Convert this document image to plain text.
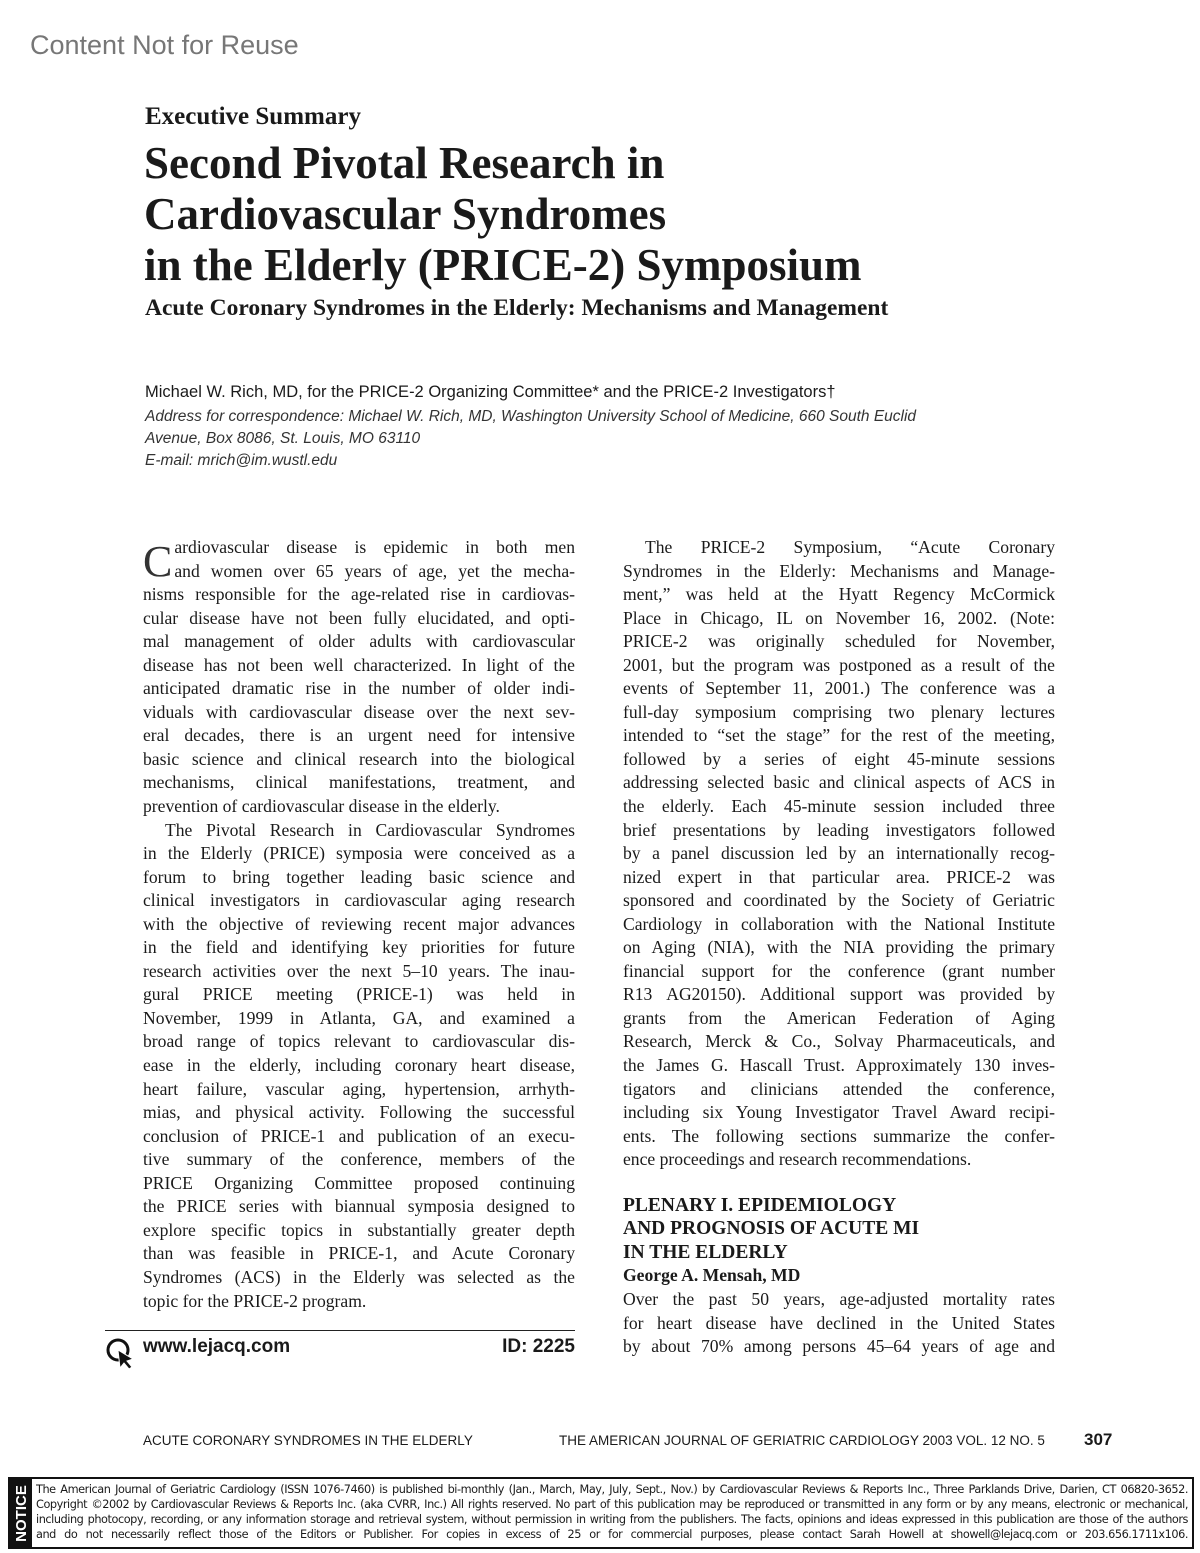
Content Not for Reuse
Executive Summary
Second Pivotal Research in
Cardiovascular Syndromes
in the Elderly (PRICE-2) Symposium
Acute Coronary Syndromes in the Elderly: Mechanisms and Management
Michael W. Rich, MD, for the PRICE-2 Organizing Committee* and the PRICE-2 Investigators†
Address for correspondence: Michael W. Rich, MD, Washington University School of Medicine, 660 South Euclid
Avenue, Box 8086, St. Louis, MO 63110
E-mail: mrich@im.wustl.edu
C ardiovascular disease is epidemic in both men
and women over 65 years of age, yet the mecha-
nisms responsible for the age-related rise in cardiovas-
cular disease have not been fully elucidated, and opti-
mal management of older adults with cardiovascular
disease has not been well characterized. In light of the
anticipated dramatic rise in the number of older indi-
viduals with cardiovascular disease over the next sev-
eral decades, there is an urgent need for intensive
basic science and clinical research into the biological
mechanisms, clinical manifestations, treatment, and
prevention of cardiovascular disease in the elderly.
The Pivotal Research in Cardiovascular Syndromes
in the Elderly (PRICE) symposia were conceived as a
forum to bring together leading basic science and
clinical investigators in cardiovascular aging research
with the objective of reviewing recent major advances
in the field and identifying key priorities for future
research activities over the next 5–10 years. The inau-
gural PRICE meeting (PRICE-1) was held in
November, 1999 in Atlanta, GA, and examined a
broad range of topics relevant to cardiovascular dis-
ease in the elderly, including coronary heart disease,
heart failure, vascular aging, hypertension, arrhyth-
mias, and physical activity. Following the successful
conclusion of PRICE-1 and publication of an execu-
tive summary of the conference, members of the
PRICE Organizing Committee proposed continuing
the PRICE series with biannual symposia designed to
explore specific topics in substantially greater depth
than was feasible in PRICE-1, and Acute Coronary
Syndromes (ACS) in the Elderly was selected as the
topic for the PRICE-2 program.
The PRICE-2 Symposium, “Acute Coronary
Syndromes in the Elderly: Mechanisms and Manage-
ment,” was held at the Hyatt Regency McCormick
Place in Chicago, IL on November 16, 2002. (Note:
PRICE-2 was originally scheduled for November,
2001, but the program was postponed as a result of the
events of September 11, 2001.) The conference was a
full-day symposium comprising two plenary lectures
intended to “set the stage” for the rest of the meeting,
followed by a series of eight 45-minute sessions
addressing selected basic and clinical aspects of ACS in
the elderly. Each 45-minute session included three
brief presentations by leading investigators followed
by a panel discussion led by an internationally recog-
nized expert in that particular area. PRICE-2 was
sponsored and coordinated by the Society of Geriatric
Cardiology in collaboration with the National Institute
on Aging (NIA), with the NIA providing the primary
financial support for the conference (grant number
R13 AG20150). Additional support was provided by
grants from the American Federation of Aging
Research, Merck & Co., Solvay Pharmaceuticals, and
the James G. Hascall Trust. Approximately 130 inves-
tigators and clinicians attended the conference,
including six Young Investigator Travel Award recipi-
ents. The following sections summarize the confer-
ence proceedings and research recommendations.
PLENARY I. EPIDEMIOLOGY
AND PROGNOSIS OF ACUTE MI
IN THE ELDERLY
George A. Mensah, MD
Over the past 50 years, age-adjusted mortality rates
for heart disease have declined in the United States
by about 70% among persons 45–64 years of age and
www.lejacq.com	ID: 2225
ACUTE CORONARY SYNDROMES IN THE ELDERLY	THE AMERICAN JOURNAL OF GERIATRIC CARDIOLOGY 2003 VOL. 12 NO. 5 307
NOTICE The American Journal of Geriatric Cardiology (ISSN 1076-7460) is published bi-monthly (Jan., March, May, July, Sept., Nov.) by Cardiovascular Reviews & Reports Inc., Three Parklands Drive, Darien, CT 06820-3652.
Copyright ©2002 by Cardiovascular Reviews & Reports Inc. (aka CVRR, Inc.) All rights reserved. No part of this publication may be reproduced or transmitted in any form or by any means, electronic or mechanical,
including photocopy, recording, or any information storage and retrieval system, without permission in writing from the publishers. The facts, opinions and ideas expressed in this publication are those of the authors
and do not necessarily reflect those of the Editors or Publisher. For copies in excess of 25 or for commercial purposes, please contact Sarah Howell at showell@lejacq.com or 203.656.1711x106.
